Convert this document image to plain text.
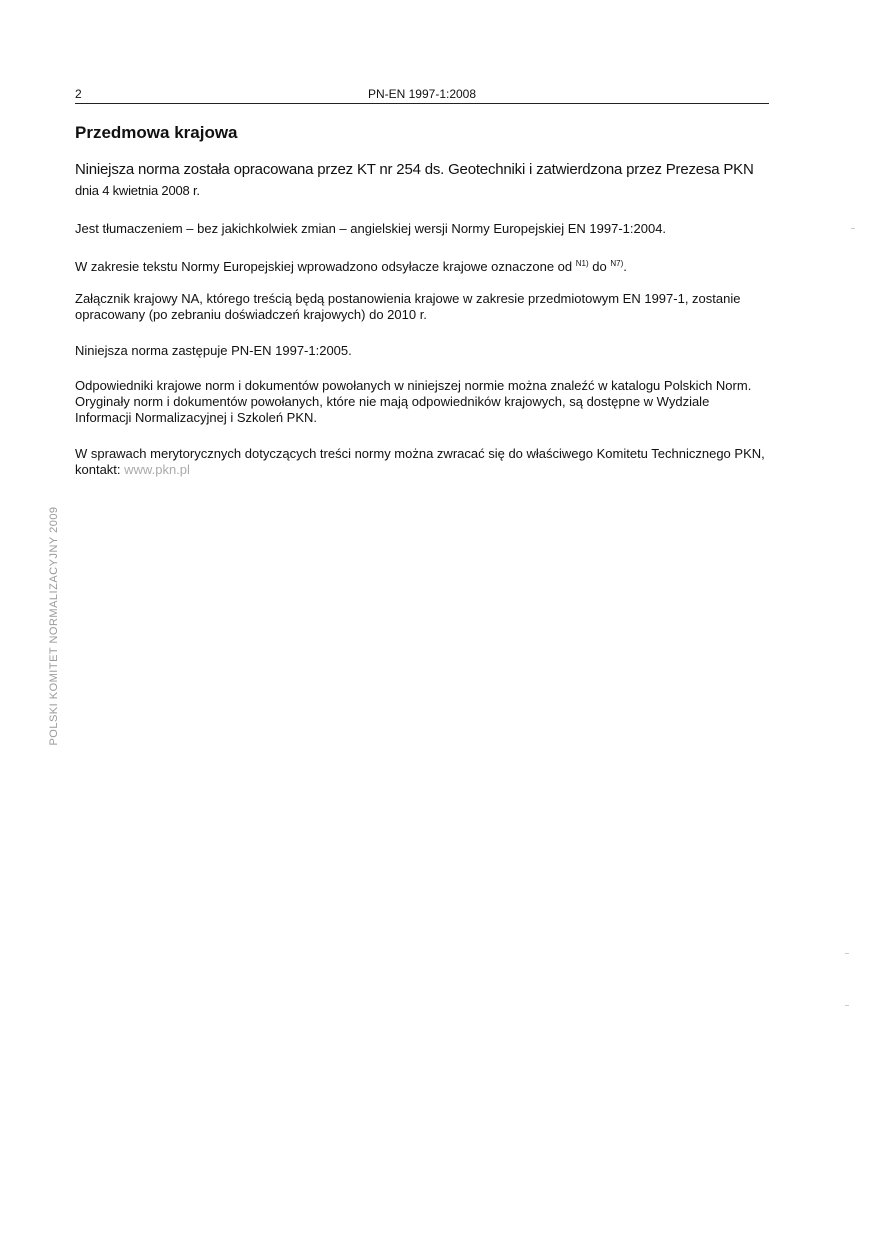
2	PN-EN 1997-1:2008
Przedmowa krajowa

Niniejsza norma została opracowana przez KT nr 254 ds. Geotechniki i zatwierdzona przez Prezesa PKN
dnia 4 kwietnia 2008 r.

Jest tłumaczeniem – bez jakichkolwiek zmian – angielskiej wersji Normy Europejskiej EN 1997-1:2004.

W zakresie tekstu Normy Europejskiej wprowadzono odsyłacze krajowe oznaczone od $^{N1)}$ do $^{N7)}$.

Załącznik krajowy NA, którego treścią będą postanowienia krajowe w zakresie przedmiotowym EN 1997-1, zostanie opracowany (po zebraniu doświadczeń krajowych) do 2010 r.

Niniejsza norma zastępuje PN-EN 1997-1:2005.

Odpowiedniki krajowe norm i dokumentów powołanych w niniejszej normie można znaleźć w katalogu Polskich Norm. Oryginały norm i dokumentów powołanych, które nie mają odpowiedników krajowych, są dostępne w Wydziale Informacji Normalizacyjnej i Szkoleń PKN.

W sprawach merytorycznych dotyczących treści normy można zwracać się do właściwego Komitetu Technicznego PKN, kontakt: www.pkn.pl

POLSKI KOMITET NORMALIZACYJNY 2009
